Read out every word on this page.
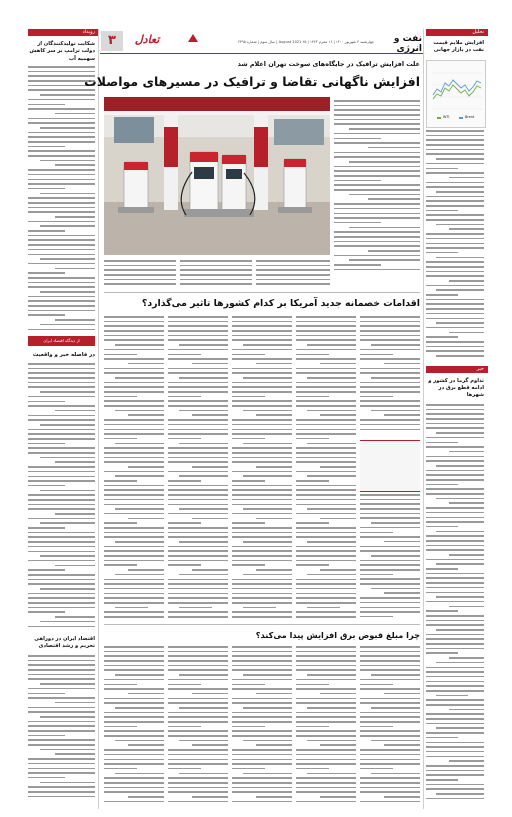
۳	تعادل	چهارشنبه ۳ شهریور ۱۴۰۰ | ۱۶ محرم ۱۴۴۳ | ۲۵ August 2021 | سال سوم | شماره ۲۳۹۵	نفت و انرژی
رویداد
شکایت تولیدکنندگان از دولت ترامپ بر سر کاهش سهمیه آب
از دیدگاه اقتصاد ایران
در فاصله خبر و واقعیت
اقتصاد ایران در دوراهی تحریم و رشد اقتصادی
تحلیل
افزایش ملایم قیمت نفت در بازار جهانی
WTI	Brent
خبر
تداوم گرما در کشور و ادامه قطع برق در شهرها
علت افزایش ترافیک در جایگاه‌های سوخت تهران اعلام شد
افزایش ناگهانی تقاضا و ترافیک در مسیرهای مواصلات
اقدامات خصمانه جدید آمریکا بر کدام کشورها تاثیر می‌گذارد؟
چرا مبلغ قبوض برق افزایش پیدا می‌کند؟
